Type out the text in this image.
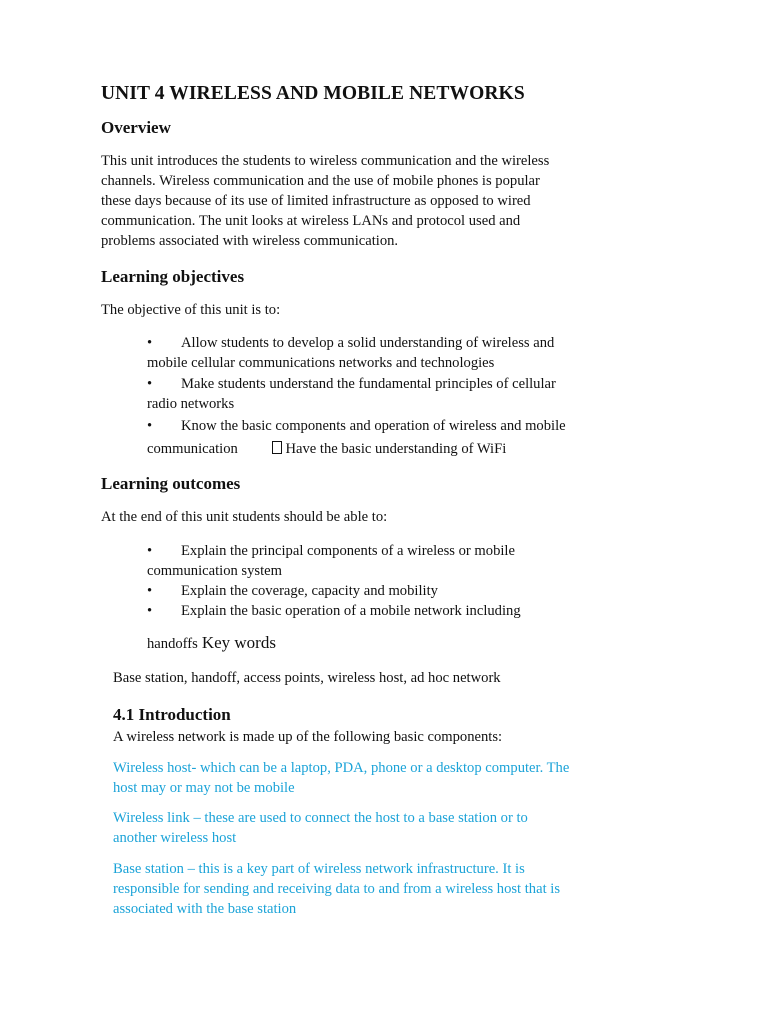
UNIT 4 WIRELESS AND MOBILE NETWORKS
Overview
This unit introduces the students to wireless communication and the wireless
channels. Wireless communication and the use of mobile phones is popular
these days because of its use of limited infrastructure as opposed to wired
communication. The unit looks at wireless LANs and protocol used and
problems associated with wireless communication.
Learning objectives
The objective of this unit is to:
• Allow students to develop a solid understanding of wireless and
mobile cellular communications networks and technologies
• Make students understand the fundamental principles of cellular
radio networks
• Know the basic components and operation of wireless and mobile
communication	Have the basic understanding of WiFi
Learning outcomes
At the end of this unit students should be able to:
• Explain the principal components of a wireless or mobile
communication system
• Explain the coverage, capacity and mobility
• Explain the basic operation of a mobile network including
handoffs Key words
Base station, handoff, access points, wireless host, ad hoc network
4.1 Introduction
A wireless network is made up of the following basic components:
Wireless host- which can be a laptop, PDA, phone or a desktop computer. The
host may or may not be mobile
Wireless link – these are used to connect the host to a base station or to
another wireless host
Base station – this is a key part of wireless network infrastructure. It is
responsible for sending and receiving data to and from a wireless host that is
associated with the base station
